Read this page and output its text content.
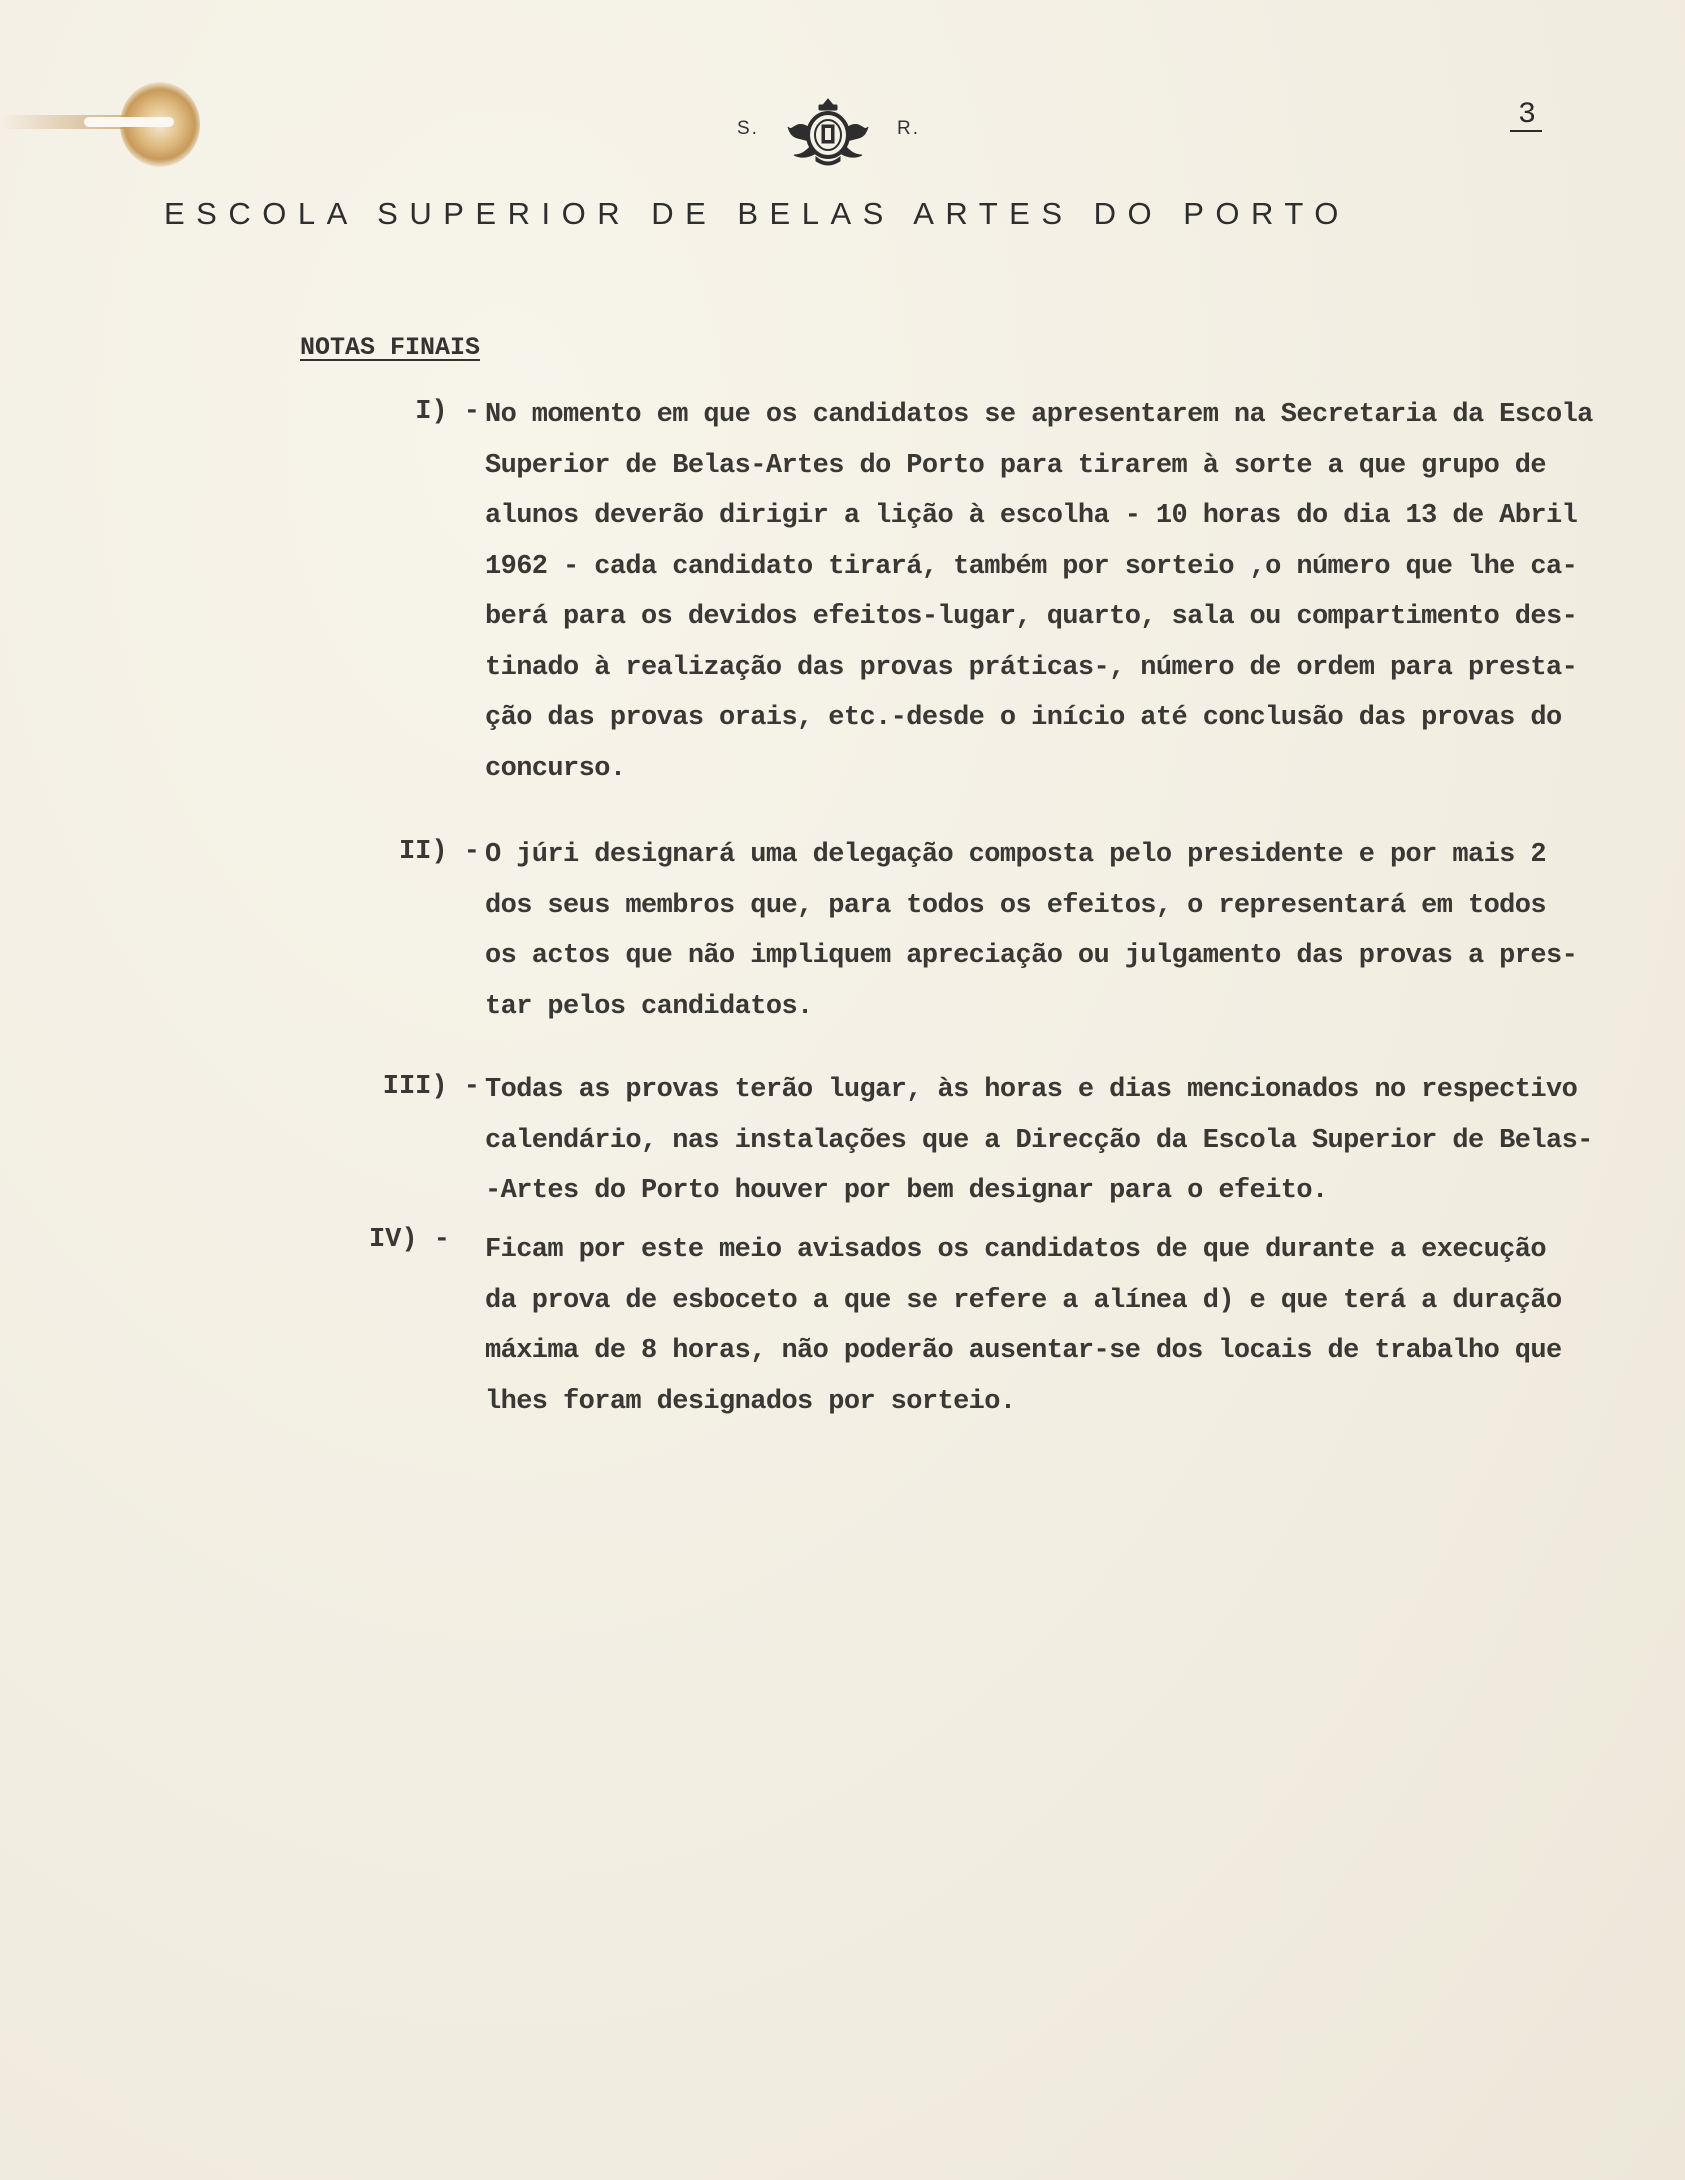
S.	R.	3
ESCOLA SUPERIOR DE BELAS ARTES DO PORTO
NOTAS FINAIS
I) - No momento em que os candidatos se apresentarem na Secretaria da Escola
Superior de Belas-Artes do Porto para tirarem à sorte a que grupo de
alunos deverão dirigir a lição à escolha - 10 horas do dia 13 de Abril
1962 - cada candidato tirará, também por sorteio ,o número que lhe ca-
berá para os devidos efeitos-lugar, quarto, sala ou compartimento des-
tinado à realização das provas práticas-, número de ordem para presta-
ção das provas orais, etc.-desde o início até conclusão das provas do
concurso.
II) - O júri designará uma delegação composta pelo presidente e por mais 2
dos seus membros que, para todos os efeitos, o representará em todos
os actos que não impliquem apreciação ou julgamento das provas a pres-
tar pelos candidatos.
III) - Todas as provas terão lugar, às horas e dias mencionados no respectivo
calendário, nas instalações que a Direcção da Escola Superior de Belas-
-Artes do Porto houver por bem designar para o efeito.
IV) - Ficam por este meio avisados os candidatos de que durante a execução
da prova de esboceto a que se refere a alínea d) e que terá a duração
máxima de 8 horas, não poderão ausentar-se dos locais de trabalho que
lhes foram designados por sorteio.
